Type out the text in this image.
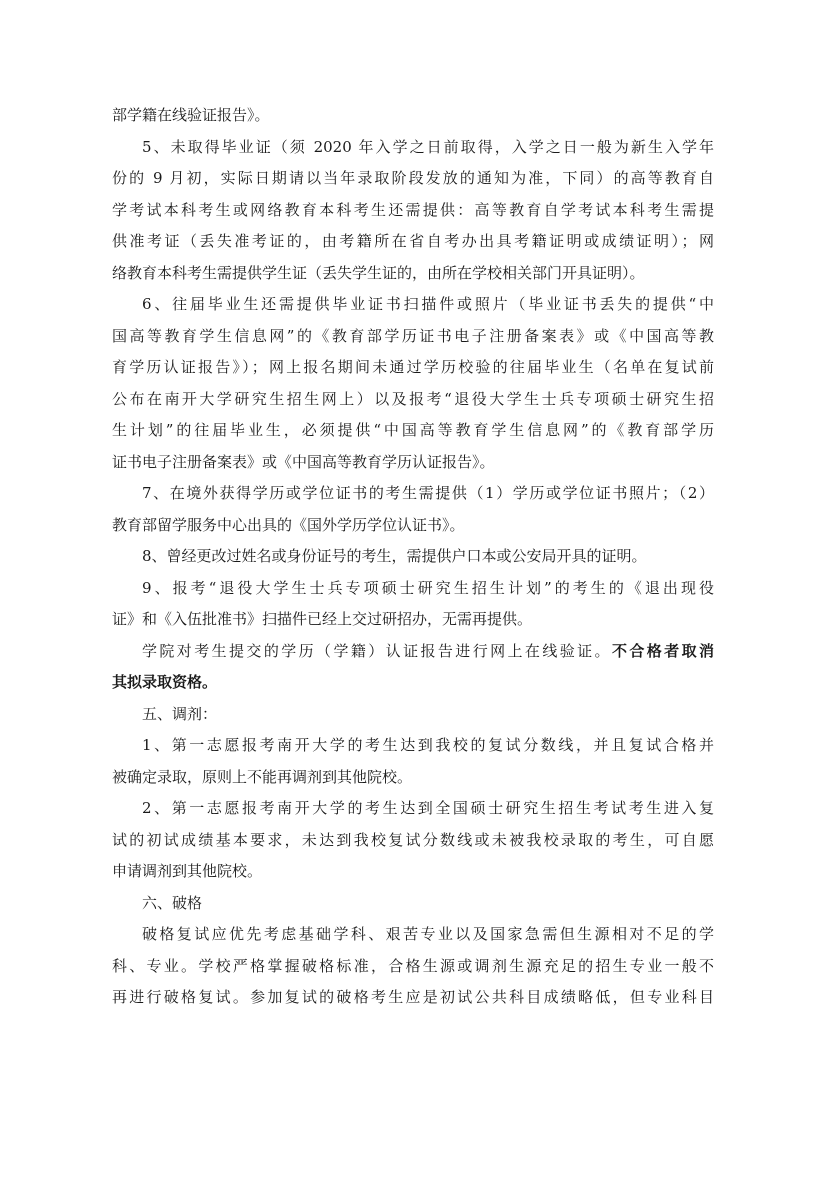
部学籍在线验证报告》。
5、未取得毕业证（须 2020 年入学之日前取得，入学之日一般为新生入学年
份的 9 月初，实际日期请以当年录取阶段发放的通知为准，下同）的高等教育自
学考试本科考生或网络教育本科考生还需提供：高等教育自学考试本科考生需提
供准考证（丢失准考证的，由考籍所在省自考办出具考籍证明或成绩证明）；网
络教育本科考生需提供学生证（丢失学生证的，由所在学校相关部门开具证明）。
6、往届毕业生还需提供毕业证书扫描件或照片（毕业证书丢失的提供“中
国高等教育学生信息网”的《教育部学历证书电子注册备案表》或《中国高等教
育学历认证报告》）；网上报名期间未通过学历校验的往届毕业生（名单在复试前
公布在南开大学研究生招生网上）以及报考“退役大学生士兵专项硕士研究生招
生计划”的往届毕业生，必须提供“中国高等教育学生信息网”的《教育部学历
证书电子注册备案表》或《中国高等教育学历认证报告》。
7、在境外获得学历或学位证书的考生需提供（1）学历或学位证书照片；（2）
教育部留学服务中心出具的《国外学历学位认证书》。
8、曾经更改过姓名或身份证号的考生，需提供户口本或公安局开具的证明。
9、报考“退役大学生士兵专项硕士研究生招生计划”的考生的《退出现役
证》和《入伍批准书》扫描件已经上交过研招办，无需再提供。
学院对考生提交的学历（学籍）认证报告进行网上在线验证。不合格者取消
其拟录取资格。
五、调剂：
1、第一志愿报考南开大学的考生达到我校的复试分数线，并且复试合格并
被确定录取，原则上不能再调剂到其他院校。
2、第一志愿报考南开大学的考生达到全国硕士研究生招生考试考生进入复
试的初试成绩基本要求，未达到我校复试分数线或未被我校录取的考生，可自愿
申请调剂到其他院校。
六、破格
破格复试应优先考虑基础学科、艰苦专业以及国家急需但生源相对不足的学
科、专业。学校严格掌握破格标准，合格生源或调剂生源充足的招生专业一般不
再进行破格复试。参加复试的破格考生应是初试公共科目成绩略低，但专业科目
